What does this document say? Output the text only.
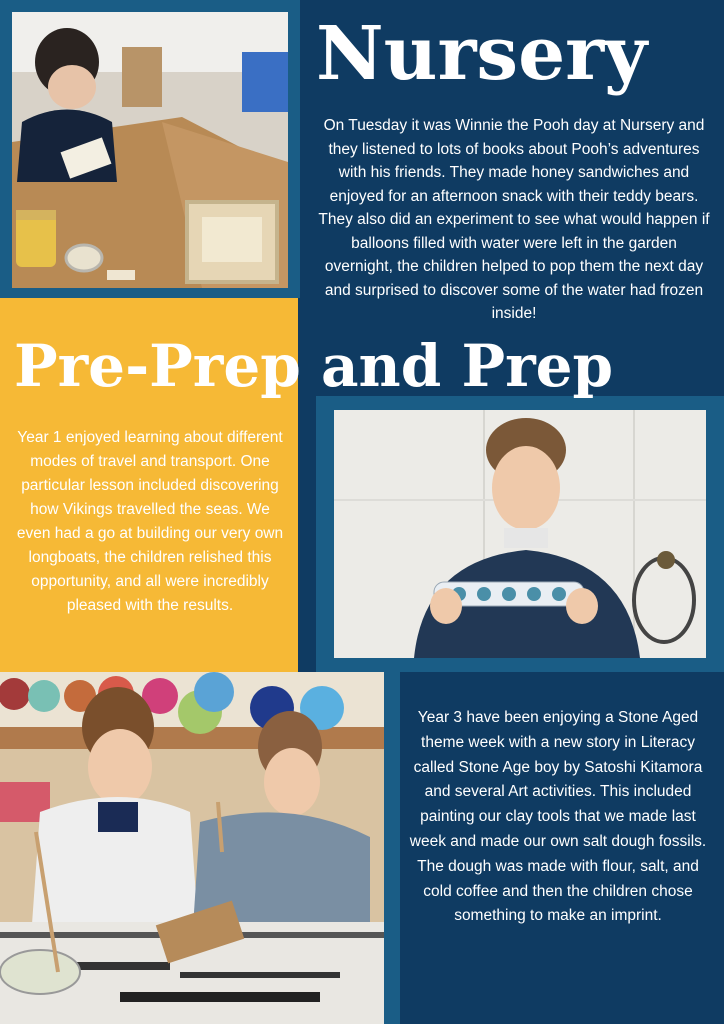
Nursery
On Tuesday it was Winnie the Pooh day at Nursery and they listened to lots of books about Pooh’s adventures with his friends. They made honey sandwiches and enjoyed for an afternoon snack with their teddy bears. They also did an experiment to see what would happen if balloons filled with water were left in the garden overnight, the children helped to pop them the next day and surprised to discover some of the water had frozen inside!
Year 1 enjoyed learning about different modes of travel and transport. One particular lesson included discovering how Vikings travelled the seas. We even had a go at building our very own longboats, the children relished this opportunity, and all were incredibly pleased with the results.
Pre-Prep and Prep
Year 3 have been enjoying a Stone Aged theme week with a new story in Literacy called Stone Age boy by Satoshi Kitamora and several Art activities. This included painting our clay tools that we made last week and made our own salt dough fossils. The dough was made with flour, salt, and cold coffee and then the children chose something to make an imprint.
